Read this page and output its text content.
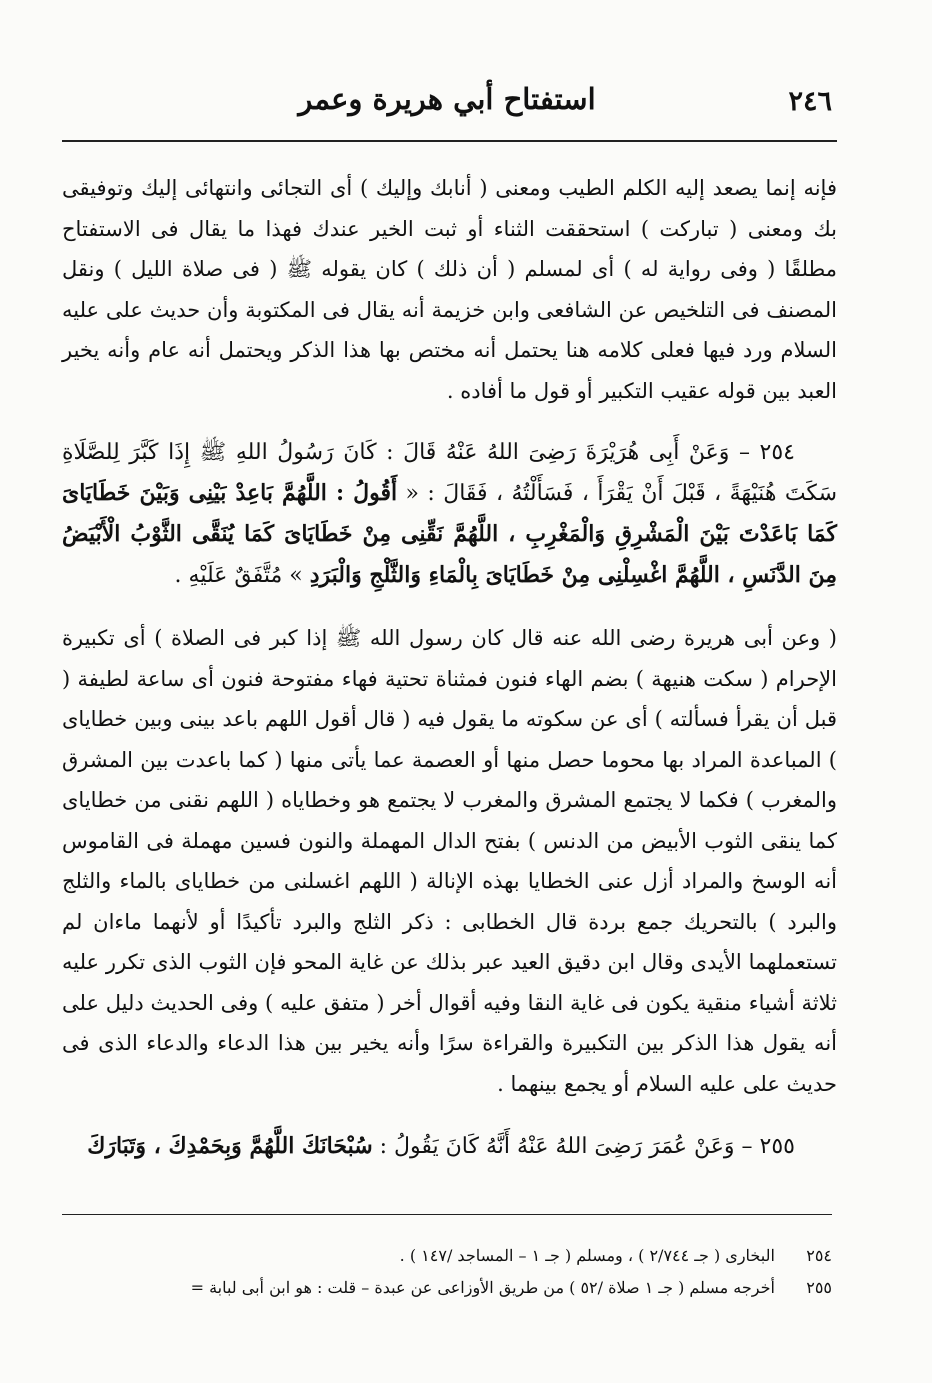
٢٤٦
استفتاح أبي هريرة وعمر

فإنه إنما يصعد إليه الكلم الطيب ومعنى ( أنابك وإليك ) أى التجائى وانتهائى إليك وتوفيقى بك ومعنى ( تباركت ) استحققت الثناء أو ثبت الخير عندك فهذا ما يقال فى الاستفتاح مطلقًا ( وفى رواية له ) أى لمسلم ( أن ذلك ) كان يقوله ﷺ ( فى صلاة الليل ) ونقل المصنف فى التلخيص عن الشافعى وابن خزيمة أنه يقال فى المكتوبة وأن حديث على عليه السلام ورد فيها فعلى كلامه هنا يحتمل أنه مختص بها هذا الذكر ويحتمل أنه عام وأنه يخير العبد بين قوله عقيب التكبير أو قول ما أفاده .

٢٥٤ – وَعَنْ أَبِى هُرَيْرَةَ رَضِىَ اللهُ عَنْهُ قَالَ : كَانَ رَسُولُ اللهِ ﷺ إِذَا كَبَّرَ لِلصَّلَاةِ سَكَتَ هُنَيْهَةً ، قَبْلَ أَنْ يَقْرَأَ ، فَسَأَلْتُهُ ، فَقَالَ : « أَقُولُ : اللَّهُمَّ بَاعِدْ بَيْنِى وَبَيْنَ خَطَايَاىَ كَمَا بَاعَدْتَ بَيْنَ الْمَشْرِقِ وَالْمَغْرِبِ ، اللَّهُمَّ نَقِّنِى مِنْ خَطَايَاىَ كَمَا يُنَقَّى الثَّوْبُ الْأَبْيَضُ مِنَ الدَّنَسِ ، اللَّهُمَّ اغْسِلْنِى مِنْ خَطَايَاىَ بِالْمَاءِ وَالثَّلْجِ وَالْبَرَدِ » مُتَّفَقٌ عَلَيْهِ .

( وعن أبى هريرة رضى الله عنه قال كان رسول الله ﷺ إذا كبر فى الصلاة ) أى تكبيرة الإحرام ( سكت هنيهة ) بضم الهاء فنون فمثناة تحتية فهاء مفتوحة فنون أى ساعة لطيفة ( قبل أن يقرأ فسألته ) أى عن سكوته ما يقول فيه ( قال أقول اللهم باعد بينى وبين خطاياى ) المباعدة المراد بها محوما حصل منها أو العصمة عما يأتى منها ( كما باعدت بين المشرق والمغرب ) فكما لا يجتمع المشرق والمغرب لا يجتمع هو وخطاياه ( اللهم نقنى من خطاياى كما ينقى الثوب الأبيض من الدنس ) بفتح الدال المهملة والنون فسين مهملة فى القاموس أنه الوسخ والمراد أزل عنى الخطايا بهذه الإنالة ( اللهم اغسلنى من خطاياى بالماء والثلج والبرد ) بالتحريك جمع بردة قال الخطابى : ذكر الثلج والبرد تأكيدًا أو لأنهما ماءان لم تستعملهما الأيدى وقال ابن دقيق العيد عبر بذلك عن غاية المحو فإن الثوب الذى تكرر عليه ثلاثة أشياء منقية يكون فى غاية النقا وفيه أقوال أخر ( متفق عليه ) وفى الحديث دليل على أنه يقول هذا الذكر بين التكبيرة والقراءة سرًا وأنه يخير بين هذا الدعاء والدعاء الذى فى حديث على عليه السلام أو يجمع بينهما .

٢٥٥ – وَعَنْ عُمَرَ رَضِىَ اللهُ عَنْهُ أَنَّهُ كَانَ يَقُولُ : سُبْحَانَكَ اللَّهُمَّ وَبِحَمْدِكَ ، وَتَبَارَكَ

٢٥٤ البخارى ( جـ ٢/٧٤٤ ) ، ومسلم ( جـ ١ – المساجد /١٤٧ ) .
٢٥٥ أخرجه مسلم ( جـ ١ صلاة /٥٢ ) من طريق الأوزاعى عن عبدة – قلت : هو ابن أبى لبابة =
